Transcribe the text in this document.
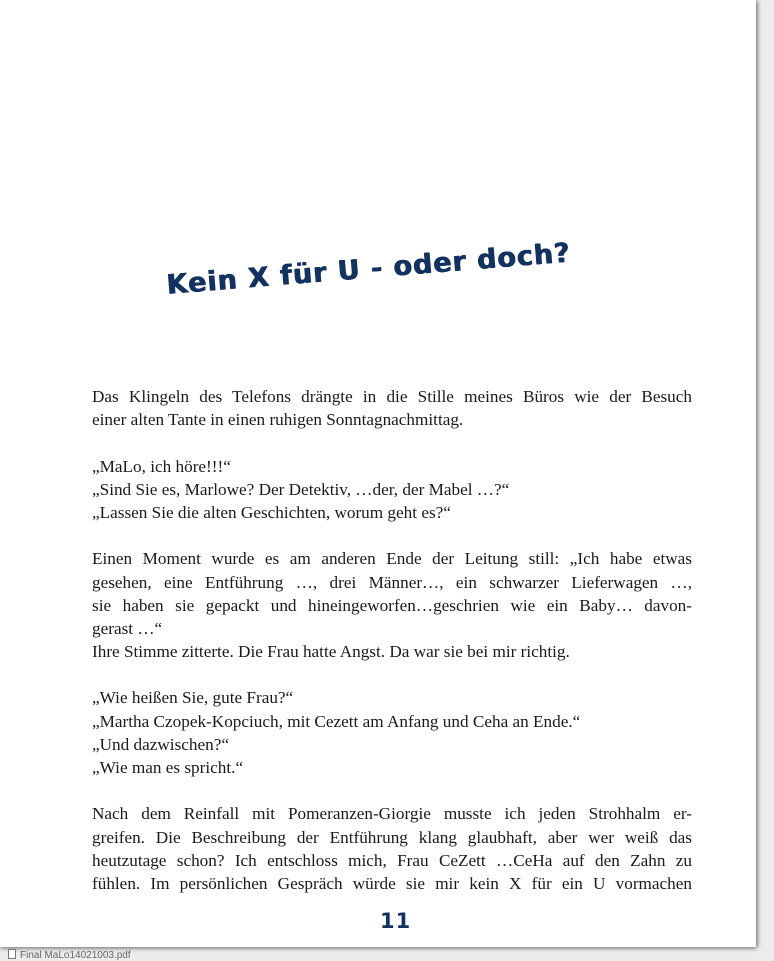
Kein X für U - oder doch?
Das Klingeln des Telefons drängte in die Stille meines Büros wie der Besuch
einer alten Tante in einen ruhigen Sonntagnachmittag.
„MaLo, ich höre!!!“
„Sind Sie es, Marlowe? Der Detektiv, …der, der Mabel …?“
„Lassen Sie die alten Geschichten, worum geht es?“
Einen Moment wurde es am anderen Ende der Leitung still: „Ich habe etwas
gesehen, eine Entführung …, drei Männer…, ein schwarzer Lieferwagen …,
sie haben sie gepackt und hineingeworfen…geschrien wie ein Baby… davon-
gerast …“
Ihre Stimme zitterte. Die Frau hatte Angst. Da war sie bei mir richtig.
„Wie heißen Sie, gute Frau?“
„Martha Czopek-Kopciuch, mit Cezett am Anfang und Ceha an Ende.“
„Und dazwischen?“
„Wie man es spricht.“
Nach dem Reinfall mit Pomeranzen-Giorgie musste ich jeden Strohhalm er-
greifen. Die Beschreibung der Entführung klang glaubhaft, aber wer weiß das
heutzutage schon? Ich entschloss mich, Frau CeZett …CeHa auf den Zahn zu
fühlen. Im persönlichen Gespräch würde sie mir kein X für ein U vormachen
11
Final MaLo14021003.pdf
